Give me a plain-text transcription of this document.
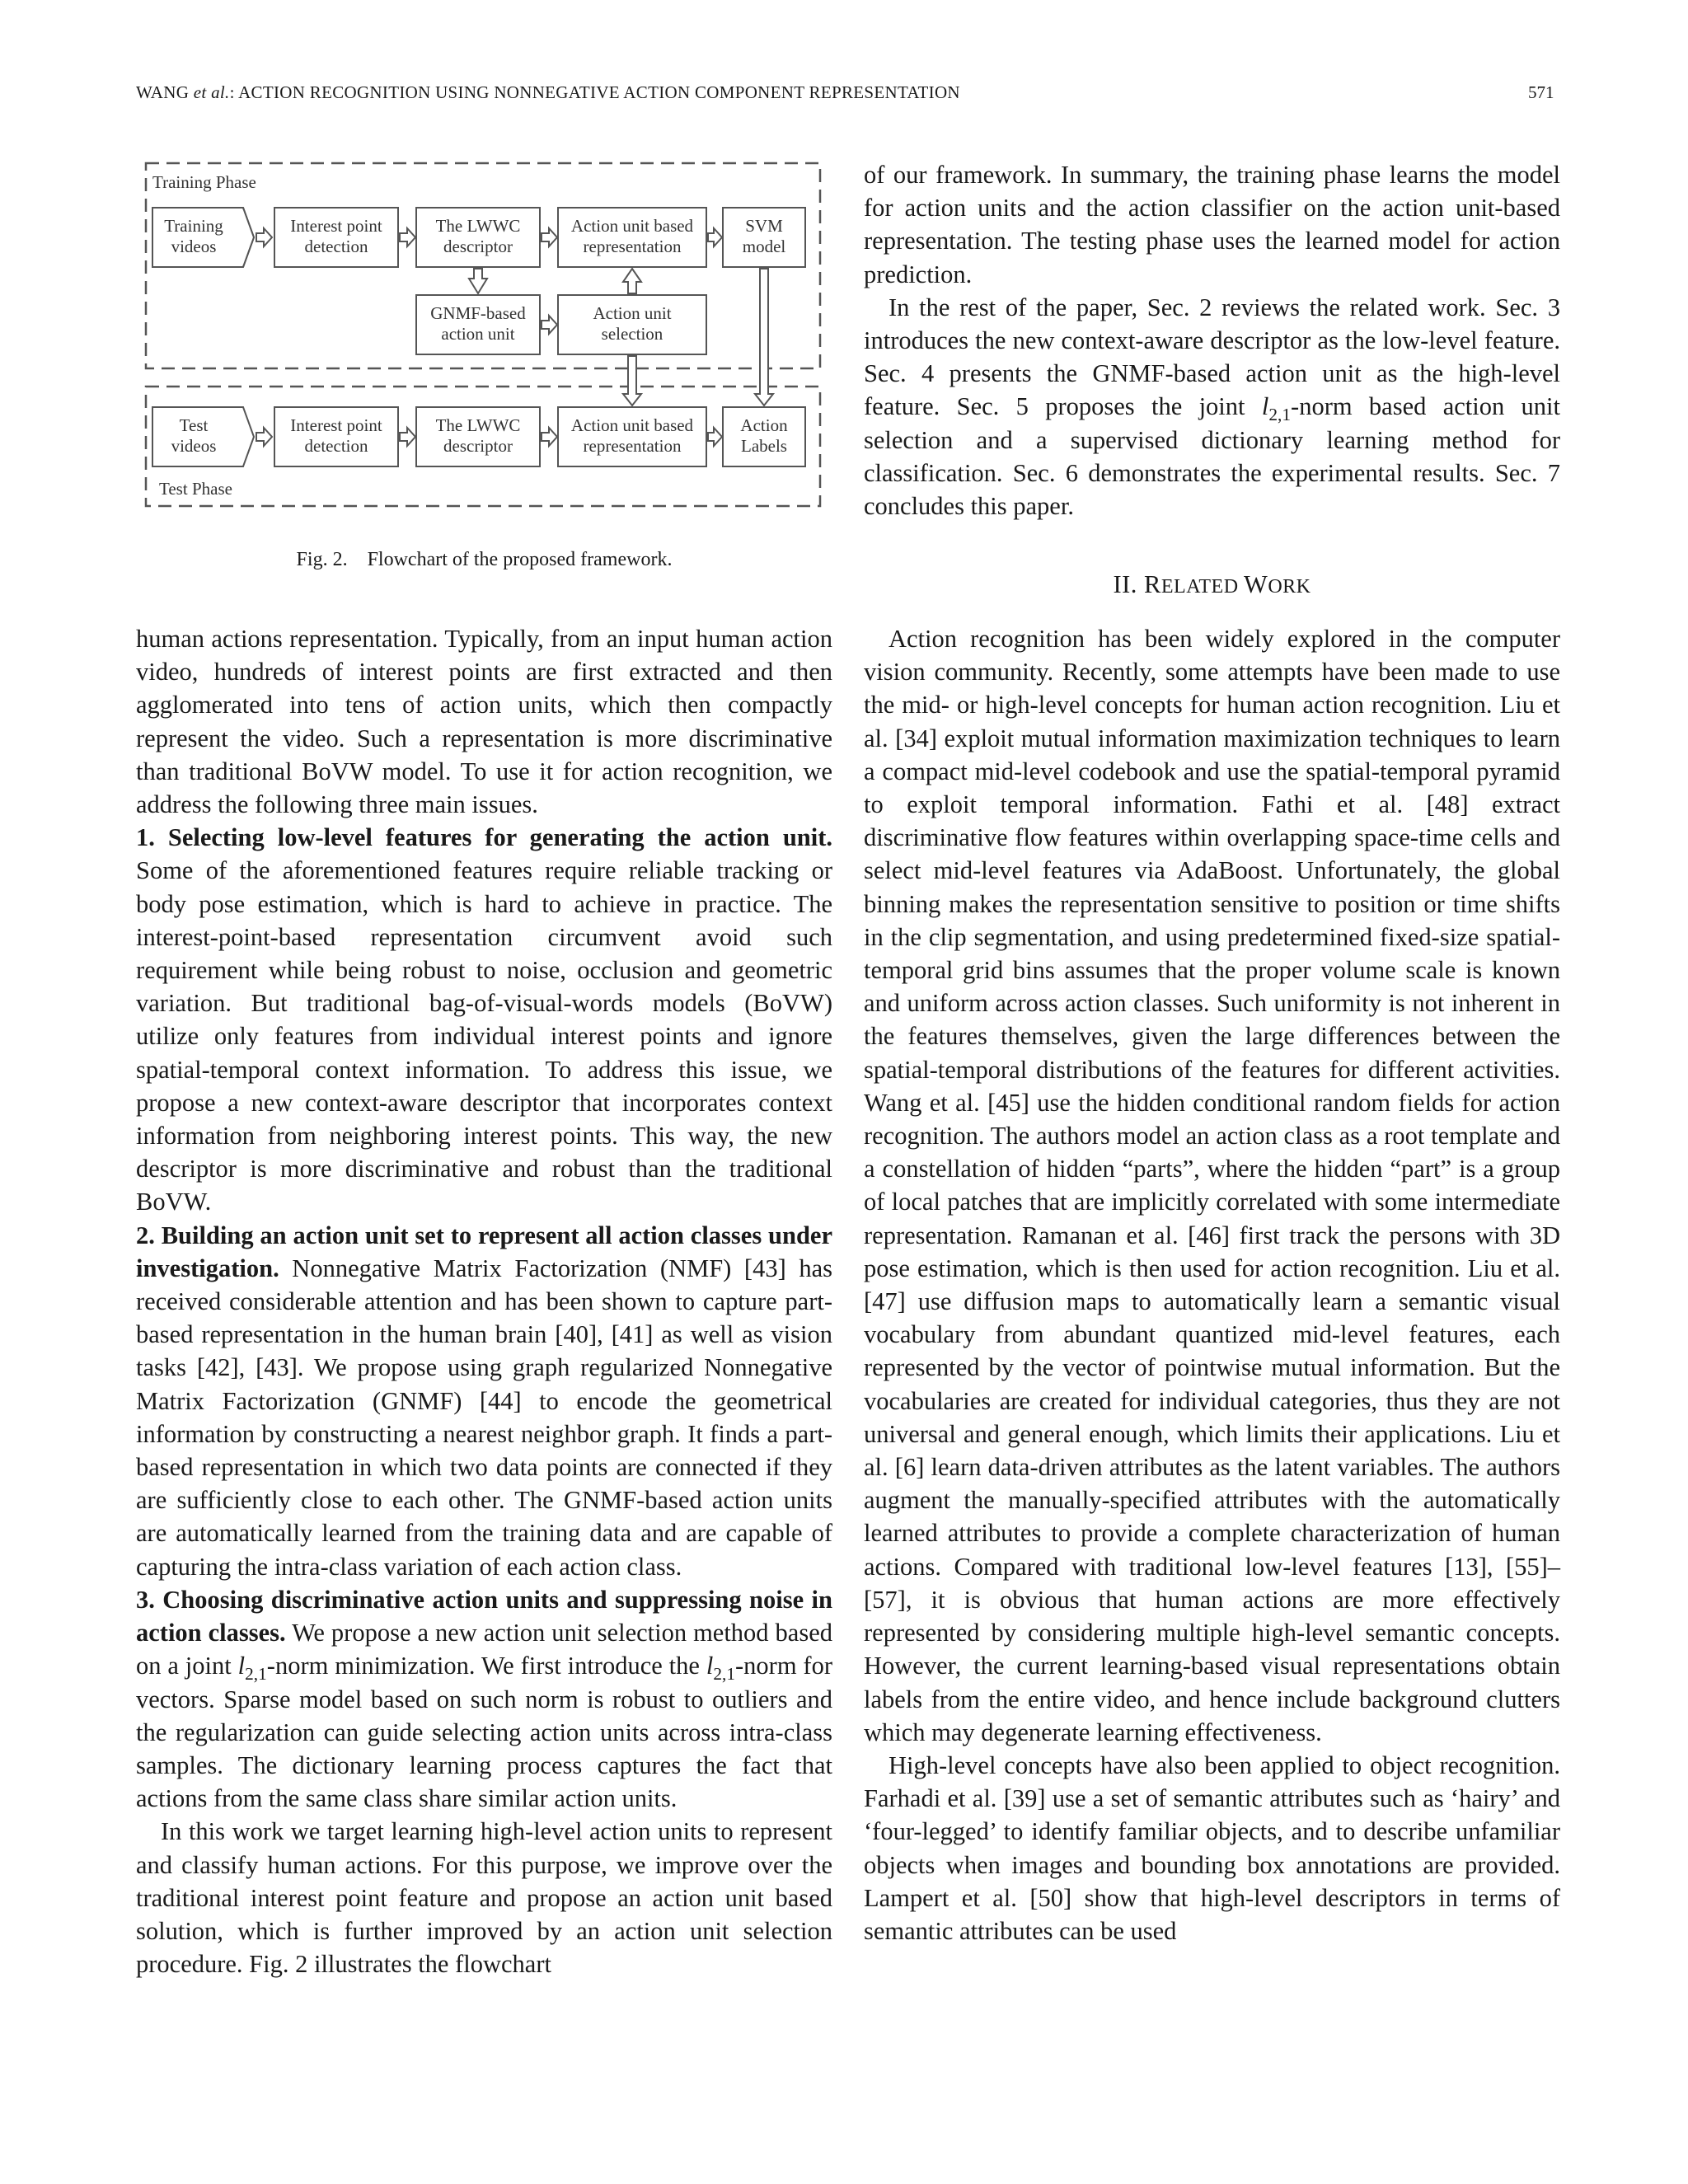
WANG et al.: ACTION RECOGNITION USING NONNEGATIVE ACTION COMPONENT REPRESENTATION	571
Training Phase
Test Phase
Training
videos
Interest point
detection
The LWWC
descriptor
Action unit based
representation
SVM
model
GNMF-based
action unit
Action unit
selection
Test
videos
Interest point
detection
The LWWC
descriptor
Action unit based
representation
Action
Labels
Fig. 2.    Flowchart of the proposed framework.

human actions representation. Typically, from an input human action video, hundreds of interest points are first extracted and then agglomerated into tens of action units, which then compactly represent the video. Such a representation is more discriminative than traditional BoVW model. To use it for action recognition, we address the following three main issues.

1. Selecting low-level features for generating the action unit. Some of the aforementioned features require reliable tracking or body pose estimation, which is hard to achieve in practice. The interest-point-based representation circumvent avoid such requirement while being robust to noise, occlusion and geometric variation. But traditional bag-of-visual-words models (BoVW) utilize only features from individual interest points and ignore spatial-temporal context information. To address this issue, we propose a new context-aware descriptor that incorporates context information from neighboring interest points. This way, the new descriptor is more discriminative and robust than the traditional BoVW.

2. Building an action unit set to represent all action classes under investigation. Nonnegative Matrix Factorization (NMF) [43] has received considerable attention and has been shown to capture part-based representation in the human brain [40], [41] as well as vision tasks [42], [43]. We propose using graph regularized Nonnegative Matrix Factorization (GNMF) [44] to encode the geometrical information by constructing a nearest neighbor graph. It finds a part-based representation in which two data points are connected if they are sufficiently close to each other. The GNMF-based action units are automatically learned from the training data and are capable of capturing the intra-class variation of each action class.

3. Choosing discriminative action units and suppressing noise in action classes. We propose a new action unit selection method based on a joint $l_{2,1}$-norm minimization. We first introduce the $l_{2,1}$-norm for vectors. Sparse model based on such norm is robust to outliers and the regularization can guide selecting action units across intra-class samples. The dictionary learning process captures the fact that actions from the same class share similar action units.

In this work we target learning high-level action units to represent and classify human actions. For this purpose, we improve over the traditional interest point feature and propose an action unit based solution, which is further improved by an action unit selection procedure. Fig. 2 illustrates the flowchart

of our framework. In summary, the training phase learns the model for action units and the action classifier on the action unit-based representation. The testing phase uses the learned model for action prediction.

In the rest of the paper, Sec. 2 reviews the related work. Sec. 3 introduces the new context-aware descriptor as the low-level feature. Sec. 4 presents the GNMF-based action unit as the high-level feature. Sec. 5 proposes the joint $l_{2,1}$-norm based action unit selection and a supervised dictionary learning method for classification. Sec. 6 demonstrates the experimental results. Sec. 7 concludes this paper.

II. RELATED WORK

Action recognition has been widely explored in the computer vision community. Recently, some attempts have been made to use the mid- or high-level concepts for human action recognition. Liu et al. [34] exploit mutual information maximization techniques to learn a compact mid-level codebook and use the spatial-temporal pyramid to exploit temporal information. Fathi et al. [48] extract discriminative flow features within overlapping space-time cells and select mid-level features via AdaBoost. Unfortunately, the global binning makes the representation sensitive to position or time shifts in the clip segmentation, and using predetermined fixed-size spatial-temporal grid bins assumes that the proper volume scale is known and uniform across action classes. Such uniformity is not inherent in the features themselves, given the large differences between the spatial-temporal distributions of the features for different activities. Wang et al. [45] use the hidden conditional random fields for action recognition. The authors model an action class as a root template and a constellation of hidden “parts”, where the hidden “part” is a group of local patches that are implicitly correlated with some intermediate representation. Ramanan et al. [46] first track the persons with 3D pose estimation, which is then used for action recognition. Liu et al. [47] use diffusion maps to automatically learn a semantic visual vocabulary from abundant quantized mid-level features, each represented by the vector of pointwise mutual information. But the vocabularies are created for individual categories, thus they are not universal and general enough, which limits their applications. Liu et al. [6] learn data-driven attributes as the latent variables. The authors augment the manually-specified attributes with the automatically learned attributes to provide a complete characterization of human actions. Compared with traditional low-level features [13], [55]–[57], it is obvious that human actions are more effectively represented by considering multiple high-level semantic concepts. However, the current learning-based visual representations obtain labels from the entire video, and hence include background clutters which may degenerate learning effectiveness.

High-level concepts have also been applied to object recognition. Farhadi et al. [39] use a set of semantic attributes such as ‘hairy’ and ‘four-legged’ to identify familiar objects, and to describe unfamiliar objects when images and bounding box annotations are provided. Lampert et al. [50] show that high-level descriptors in terms of semantic attributes can be used
